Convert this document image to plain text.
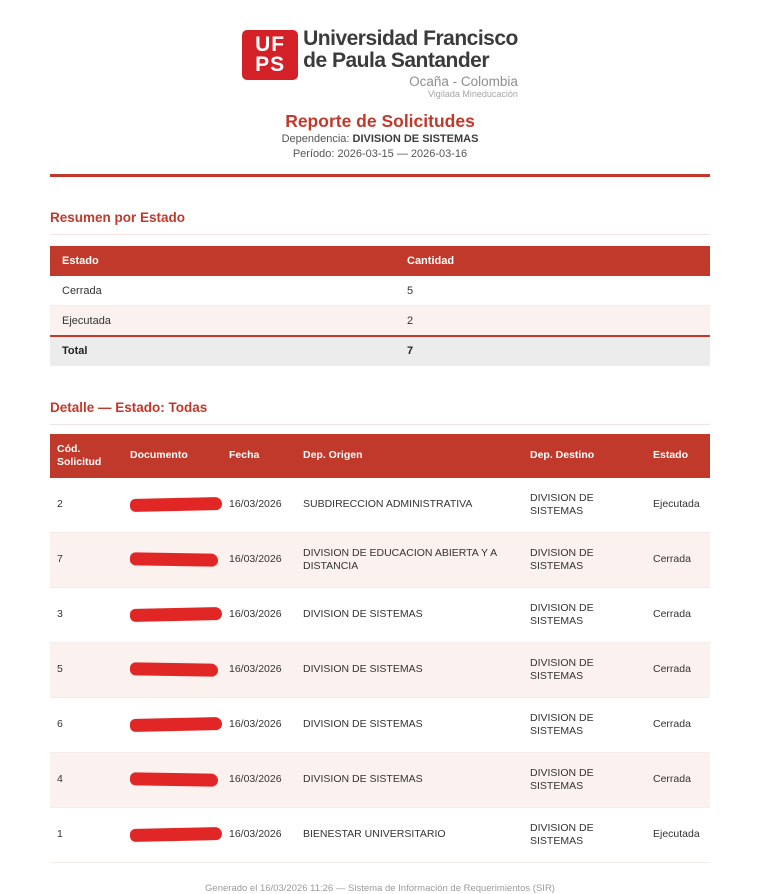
UF
PS
Universidad Francisco
de Paula Santander
Ocaña - Colombia
Vigilada Mineducación
Reporte de Solicitudes
Dependencia: DIVISION DE SISTEMAS
Período: 2026-03-15 — 2026-03-16
Resumen por Estado
Estado	Cantidad
Cerrada	5
Ejecutada	2
Total	7
Detalle — Estado: Todas
Cód. Solicitud	Documento	Fecha	Dep. Origen	Dep. Destino	Estado
2		16/03/2026	SUBDIRECCION ADMINISTRATIVA	DIVISION DE SISTEMAS	Ejecutada
7		16/03/2026	DIVISION DE EDUCACION ABIERTA Y A DISTANCIA	DIVISION DE SISTEMAS	Cerrada
3		16/03/2026	DIVISION DE SISTEMAS	DIVISION DE SISTEMAS	Cerrada
5		16/03/2026	DIVISION DE SISTEMAS	DIVISION DE SISTEMAS	Cerrada
6		16/03/2026	DIVISION DE SISTEMAS	DIVISION DE SISTEMAS	Cerrada
4		16/03/2026	DIVISION DE SISTEMAS	DIVISION DE SISTEMAS	Cerrada
1		16/03/2026	BIENESTAR UNIVERSITARIO	DIVISION DE SISTEMAS	Ejecutada
Generado el 16/03/2026 11:26 — Sistema de Información de Requerimientos (SIR)
